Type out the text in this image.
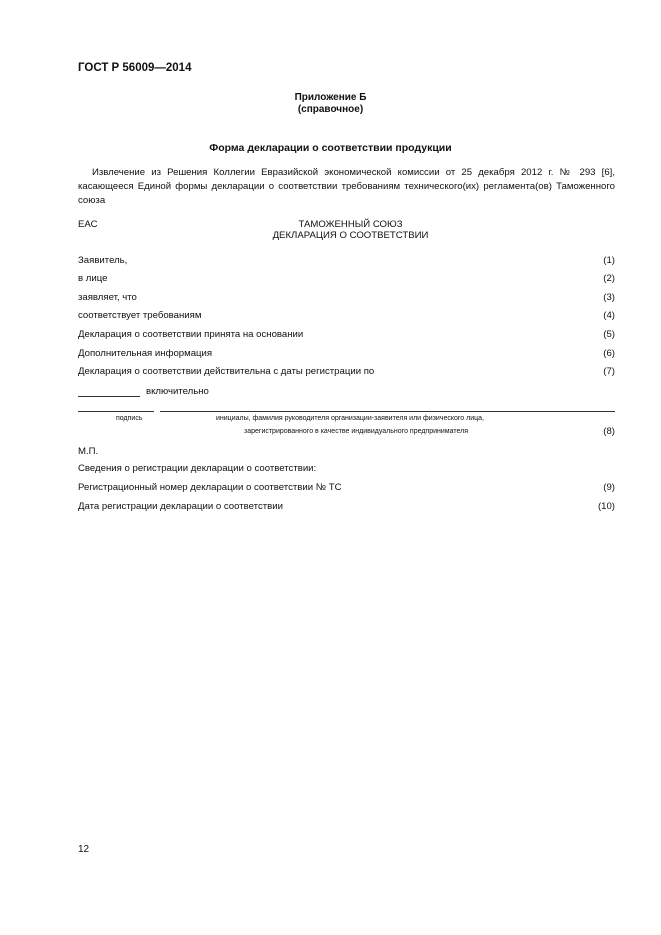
ГОСТ Р 56009—2014
Приложение Б
(справочное)
Форма декларации о соответствии продукции
Извлечение из Решения Коллегии Евразийской экономической комиссии от 25 декабря 2012 г. № 293 [6], касающееся Единой формы декларации о соответствии требованиям технического(их) регламента(ов) Таможенного союза
ЕАС	ТАМОЖЕННЫЙ СОЮЗ
ДЕКЛАРАЦИЯ О СООТВЕТСТВИИ
Заявитель,	(1)
в лице	(2)
заявляет, что	(3)
соответствует требованиям	(4)
Декларация о соответствии принята на основании	(5)
Дополнительная информация	(6)
Декларация о соответствии действительна с даты регистрации по	(7)
включительно
подпись	инициалы, фамилия руководителя организации-заявителя или физического лица,
зарегистрированного в качестве индивидуального предпринимателя	(8)
М.П.
Сведения о регистрации декларации о соответствии:
Регистрационный номер декларации о соответствии № ТС	(9)
Дата регистрации декларации о соответствии	(10)
12
